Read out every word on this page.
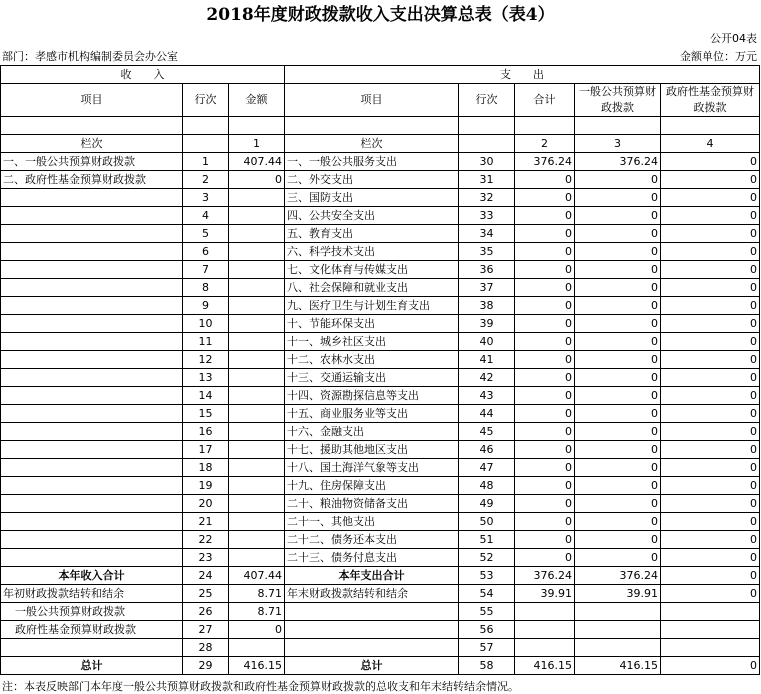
2018年度财政拨款收入支出决算总表（表4）
公开04表
部门：孝感市机构编制委员会办公室	金额单位：万元
收　　入			支　　出				
项目	行次	金额	项目	行次	合计	一般公共预算财政拨款	政府性基金预算财政拨款

栏次		1	栏次		2	3	4
一、一般公共预算财政拨款	1	407.44	一、一般公共服务支出	30	376.24	376.24	0
二、政府性基金预算财政拨款	2	0	二、外交支出	31	0	0	0
	3		三、国防支出	32	0	0	0
	4		四、公共安全支出	33	0	0	0
	5		五、教育支出	34	0	0	0
	6		六、科学技术支出	35	0	0	0
	7		七、文化体育与传媒支出	36	0	0	0
	8		八、社会保障和就业支出	37	0	0	0
	9		九、医疗卫生与计划生育支出	38	0	0	0
	10		十、节能环保支出	39	0	0	0
	11		十一、城乡社区支出	40	0	0	0
	12		十二、农林水支出	41	0	0	0
	13		十三、交通运输支出	42	0	0	0
	14		十四、资源勘探信息等支出	43	0	0	0
	15		十五、商业服务业等支出	44	0	0	0
	16		十六、金融支出	45	0	0	0
	17		十七、援助其他地区支出	46	0	0	0
	18		十八、国土海洋气象等支出	47	0	0	0
	19		十九、住房保障支出	48	0	0	0
	20		二十、粮油物资储备支出	49	0	0	0
	21		二十一、其他支出	50	0	0	0
	22		二十二、债务还本支出	51	0	0	0
	23		二十三、债务付息支出	52	0	0	0
本年收入合计	24	407.44	本年支出合计	53	376.24	376.24	0
年初财政拨款结转和结余	25	8.71	年末财政拨款结转和结余	54	39.91	39.91	0
一般公共预算财政拨款	26	8.71		55			
政府性基金预算财政拨款	27	0		56			
	28			57			
总计	29	416.15	总计	58	416.15	416.15	0
注：本表反映部门本年度一般公共预算财政拨款和政府性基金预算财政拨款的总收支和年末结转结余情况。
